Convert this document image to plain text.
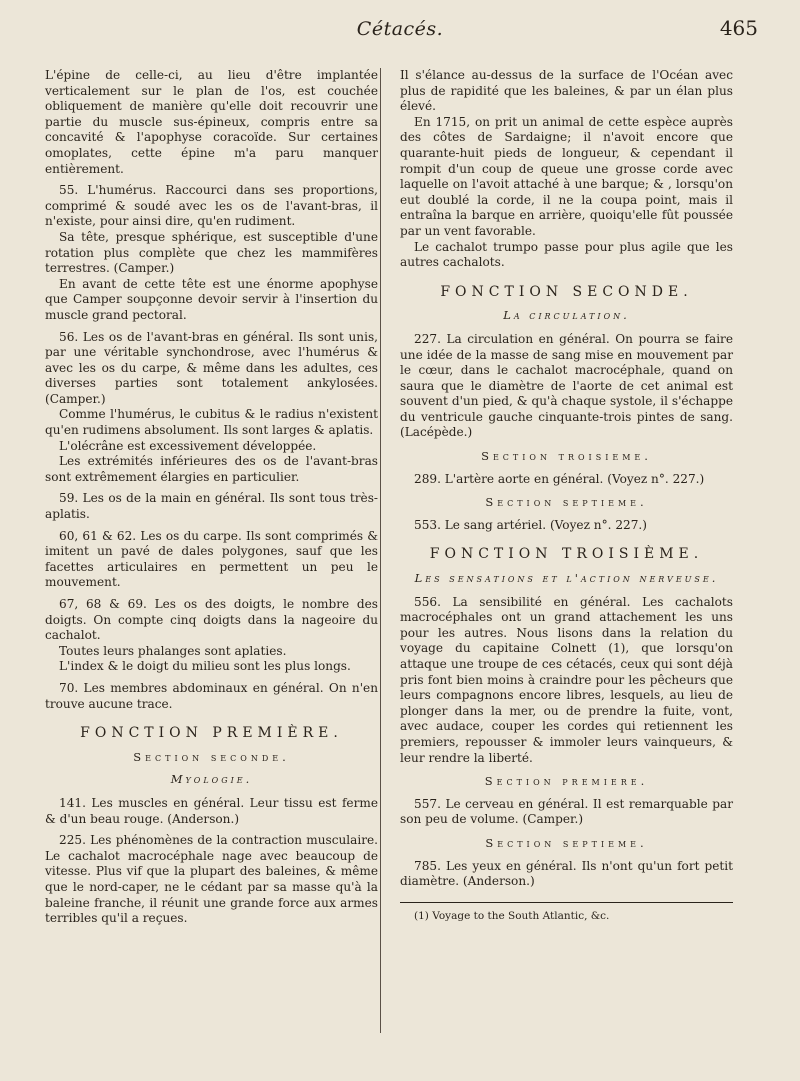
Cétacés.	465

L'épine de celle-ci, au lieu d'être implantée verticalement sur le plan de l'os, est couchée obliquement de manière qu'elle doit recouvrir une partie du muscle sus-épineux, compris entre sa concavité & l'apophyse coracoïde. Sur certaines omoplates, cette épine m'a paru manquer entièrement.

55. L'humérus. Raccourci dans ses proportions, comprimé & soudé avec les os de l'avant-bras, il n'existe, pour ainsi dire, qu'en rudiment.

Sa tête, presque sphérique, est susceptible d'une rotation plus complète que chez les mammifères terrestres. (Camper.)

En avant de cette tête est une énorme apophyse que Camper soupçonne devoir servir à l'insertion du muscle grand pectoral.

56. Les os de l'avant-bras en général. Ils sont unis, par une véritable synchondrose, avec l'humérus & avec les os du carpe, & même dans les adultes, ces diverses parties sont totalement ankylosées. (Camper.)

Comme l'humérus, le cubitus & le radius n'existent qu'en rudimens absolument. Ils sont larges & aplatis.

L'olécrâne est excessivement développée.

Les extrémités inférieures des os de l'avant-bras sont extrêmement élargies en particulier.

59. Les os de la main en général. Ils sont tous très-aplatis.

60, 61 & 62. Les os du carpe. Ils sont comprimés & imitent un pavé de dales polygones, sauf que les facettes articulaires en permettent un peu le mouvement.

67, 68 & 69. Les os des doigts, le nombre des doigts. On compte cinq doigts dans la nageoire du cachalot.

Toutes leurs phalanges sont aplaties.

L'index & le doigt du milieu sont les plus longs.

70. Les membres abdominaux en général. On n'en trouve aucune trace.

FONCTION PREMIÈRE.
Section seconde.
Myologie.

141. Les muscles en général. Leur tissu est ferme & d'un beau rouge. (Anderson.)

225. Les phénomènes de la contraction musculaire. Le cachalot macrocéphale nage avec beaucoup de vitesse. Plus vif que la plupart des baleines, & même que le nord-caper, ne le cédant par sa masse qu'à la baleine franche, il réunit une grande force aux armes terribles qu'il a reçues.

Il s'élance au-dessus de la surface de l'Océan avec plus de rapidité que les baleines, & par un élan plus élevé.

En 1715, on prit un animal de cette espèce auprès des côtes de Sardaigne; il n'avoit encore que quarante-huit pieds de longueur, & cependant il rompit d'un coup de queue une grosse corde avec laquelle on l'avoit attaché à une barque; & , lorsqu'on eut doublé la corde, il ne la coupa point, mais il entraîna la barque en arrière, quoiqu'elle fût poussée par un vent favorable.

Le cachalot trumpo passe pour plus agile que les autres cachalots.

FONCTION SECONDE.
La circulation.

227. La circulation en général. On pourra se faire une idée de la masse de sang mise en mouvement par le cœur, dans le cachalot macrocéphale, quand on saura que le diamètre de l'aorte de cet animal est souvent d'un pied, & qu'à chaque systole, il s'échappe du ventricule gauche cinquante-trois pintes de sang. (Lacépède.)

Section troisieme.

289. L'artère aorte en général. (Voyez n°. 227.)

Section septieme.

553. Le sang artériel. (Voyez n°. 227.)

FONCTION TROISIÈME.
Les sensations et l'action nerveuse.

556. La sensibilité en général. Les cachalots macrocéphales ont un grand attachement les uns pour les autres. Nous lisons dans la relation du voyage du capitaine Colnett (1), que lorsqu'on attaque une troupe de ces cétacés, ceux qui sont déjà pris font bien moins à craindre pour les pêcheurs que leurs compagnons encore libres, lesquels, au lieu de plonger dans la mer, ou de prendre la fuite, vont, avec audace, couper les cordes qui retiennent les premiers, repousser & immoler leurs vainqueurs, & leur rendre la liberté.

Section premiere.

557. Le cerveau en général. Il est remarquable par son peu de volume. (Camper.)

Section septieme.

785. Les yeux en général. Ils n'ont qu'un fort petit diamètre. (Anderson.)

(1) Voyage to the South Atlantic, &c.
